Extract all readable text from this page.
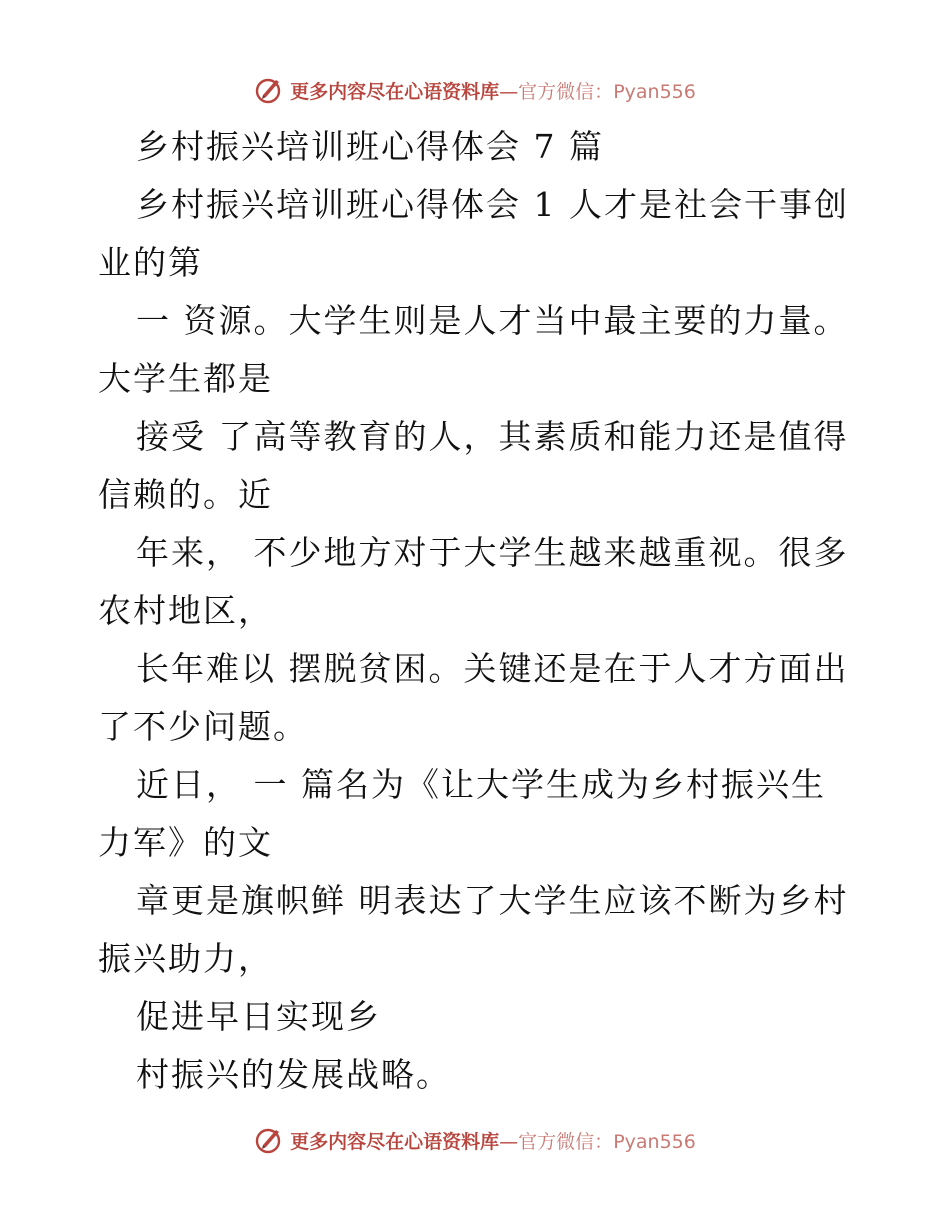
更多内容尽在心语资料库—官方微信：Pyan556
乡村振兴培训班心得体会 7 篇
乡村振兴培训班心得体会 1 人才是社会干事创
业的第
一 资源。大学生则是人才当中最主要的力量。
大学生都是
接受 了高等教育的人，其素质和能力还是值得
信赖的。近
年来， 不少地方对于大学生越来越重视。很多
农村地区，
长年难以 摆脱贫困。关键还是在于人才方面出
了不少问题。
近日， 一 篇名为《让大学生成为乡村振兴生
力军》的文
章更是旗帜鲜 明表达了大学生应该不断为乡村
振兴助力，
促进早日实现乡
村振兴的发展战略。
更多内容尽在心语资料库—官方微信：Pyan556
